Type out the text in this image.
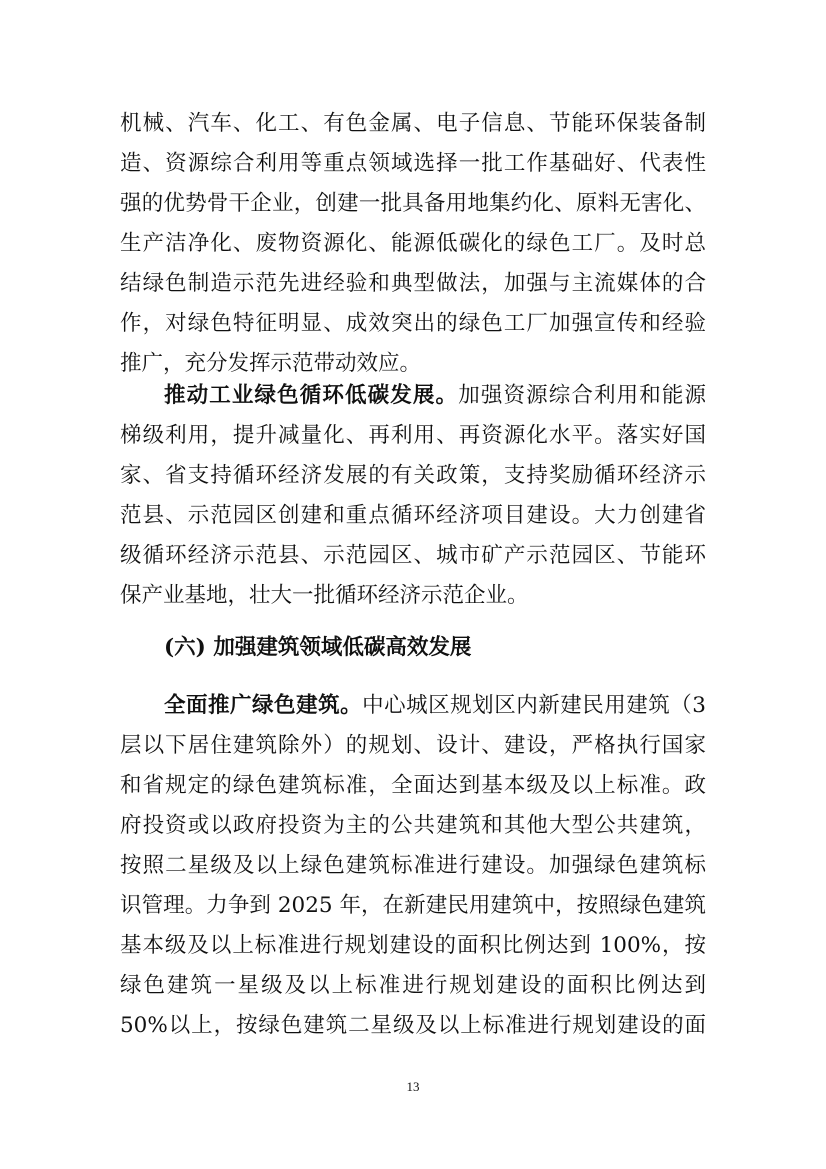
机械、汽车、化工、有色金属、电子信息、节能环保装备制
造、资源综合利用等重点领域选择一批工作基础好、代表性
强的优势骨干企业，创建一批具备用地集约化、原料无害化、
生产洁净化、废物资源化、能源低碳化的绿色工厂。及时总
结绿色制造示范先进经验和典型做法，加强与主流媒体的合
作，对绿色特征明显、成效突出的绿色工厂加强宣传和经验
推广，充分发挥示范带动效应。
推动工业绿色循环低碳发展。加强资源综合利用和能源
梯级利用，提升减量化、再利用、再资源化水平。落实好国
家、省支持循环经济发展的有关政策，支持奖励循环经济示
范县、示范园区创建和重点循环经济项目建设。大力创建省
级循环经济示范县、示范园区、城市矿产示范园区、节能环
保产业基地，壮大一批循环经济示范企业。
(六) 加强建筑领域低碳高效发展
全面推广绿色建筑。中心城区规划区内新建民用建筑（3
层以下居住建筑除外）的规划、设计、建设，严格执行国家
和省规定的绿色建筑标准，全面达到基本级及以上标准。政
府投资或以政府投资为主的公共建筑和其他大型公共建筑，
按照二星级及以上绿色建筑标准进行建设。加强绿色建筑标
识管理。力争到 2025 年，在新建民用建筑中，按照绿色建筑
基本级及以上标准进行规划建设的面积比例达到 100%，按
绿色建筑一星级及以上标准进行规划建设的面积比例达到
50%以上，按绿色建筑二星级及以上标准进行规划建设的面
13
